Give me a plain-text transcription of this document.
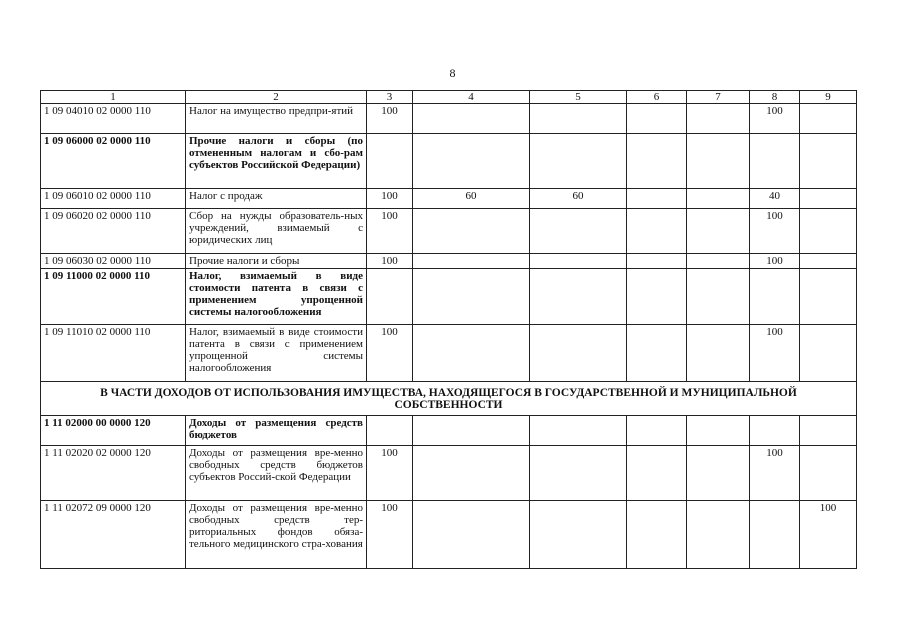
8
1	2	3	4	5	6	7	8	9
1 09 04010 02 0000 110	Налог на имущество предпри-ятий	100					100	
1 09 06000 02 0000 110	Прочие налоги и сборы (по отмененным налогам и сбо-рам субъектов Российской Федерации)							
1 09 06010 02 0000 110	Налог с продаж	100	60	60			40	
1 09 06020 02 0000 110	Сбор на нужды образователь-ных учреждений, взимаемый с юридических лиц	100					100	
1 09 06030 02 0000 110	Прочие налоги и сборы	100					100	
1 09 11000 02 0000 110	Налог, взимаемый в виде стоимости патента в связи с применением упрощенной системы налогообложения							
1 09 11010 02 0000 110	Налог, взимаемый в виде стоимости патента в связи с применением упрощенной системы налогообложения	100					100	
В ЧАСТИ ДОХОДОВ ОТ ИСПОЛЬЗОВАНИЯ ИМУЩЕСТВА, НАХОДЯЩЕГОСЯ В ГОСУДАРСТВЕННОЙ И МУНИЦИПАЛЬНОЙ СОБСТВЕННОСТИ								
1 11 02000 00 0000 120	Доходы от размещения средств бюджетов							
1 11 02020 02 0000 120	Доходы от размещения вре-менно свободных средств бюджетов субъектов Россий-ской Федерации	100					100	
1 11 02072 09 0000 120	Доходы от размещения вре-менно свободных средств тер-риториальных фондов обяза-тельного медицинского стра-хования	100						100
